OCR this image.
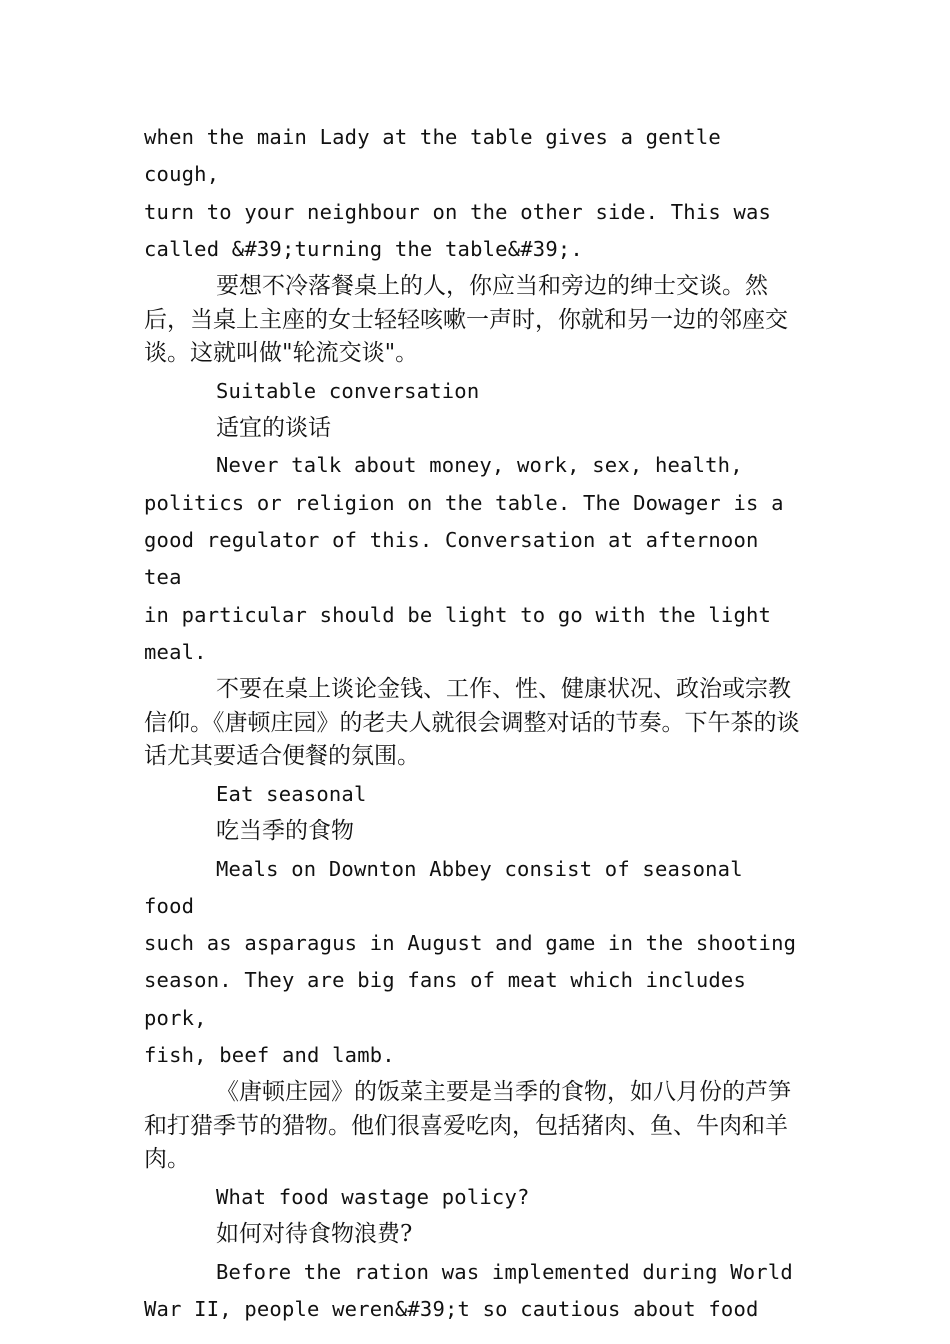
when the main Lady at the table gives a gentle cough,
turn to your neighbour on the other side. This was
called &#39;turning the table&#39;.

要想不冷落餐桌上的人，你应当和旁边的绅士交谈。然后，当桌上主座的女士轻轻咳嗽一声时，你就和另一边的邻座交谈。这就叫做"轮流交谈"。

Suitable conversation

适宜的谈话

Never talk about money, work, sex, health,
politics or religion on the table. The Dowager is a
good regulator of this. Conversation at afternoon tea
in particular should be light to go with the light
meal.

不要在桌上谈论金钱、工作、性、健康状况、政治或宗教信仰。《唐顿庄园》的老夫人就很会调整对话的节奏。下午茶的谈话尤其要适合便餐的氛围。

Eat seasonal

吃当季的食物

Meals on Downton Abbey consist of seasonal food
such as asparagus in August and game in the shooting
season. They are big fans of meat which includes pork,
fish, beef and lamb.

《唐顿庄园》的饭菜主要是当季的食物，如八月份的芦笋和打猎季节的猎物。他们很喜爱吃肉，包括猪肉、鱼、牛肉和羊肉。

What food wastage policy?

如何对待食物浪费?

Before the ration was implemented during World
War II, people weren&#39;t so cautious about food
